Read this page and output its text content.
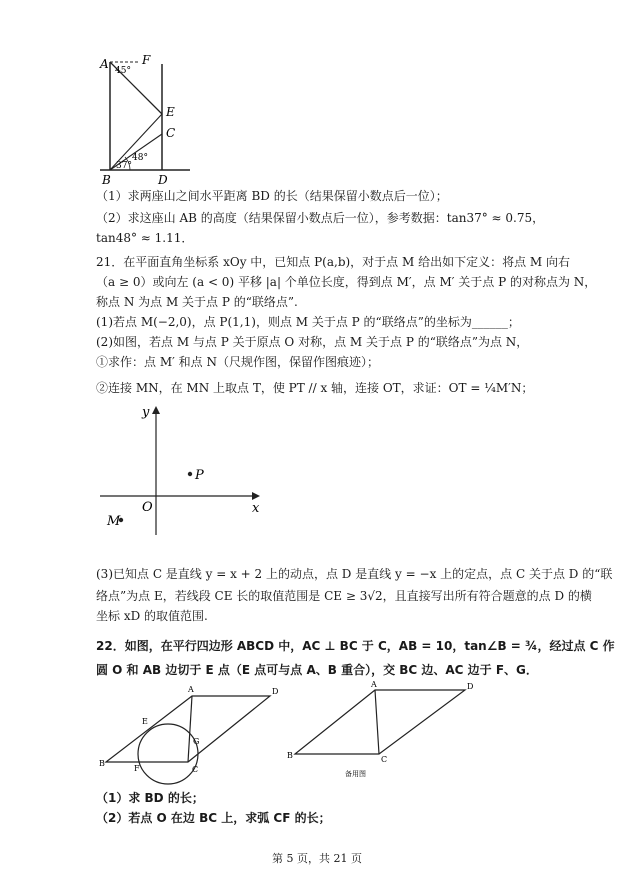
A	F
E
C
B	D
45°
37°
48°
（1）求两座山之间水平距离 BD 的长（结果保留小数点后一位）；
（2）求这座山 AB 的高度（结果保留小数点后一位），参考数据：tan37° ≈ 0.75，
tan48° ≈ 1.11．
21．在平面直角坐标系 xOy 中，已知点 P(a,b)，对于点 M 给出如下定义：将点 M 向右
（a ≥ 0）或向左 (a < 0) 平移 |a| 个单位长度，得到点 M′，点 M′ 关于点 P 的对称点为 N，
称点 N 为点 M 关于点 P 的“联络点”.
(1)若点 M(−2,0)，点 P(1,1)，则点 M 关于点 P 的“联络点”的坐标为______；
(2)如图，若点 M 与点 P 关于原点 O 对称，点 M 关于点 P 的“联络点”为点 N，
①求作：点 M′ 和点 N（尺规作图，保留作图痕迹）；
②连接 MN，在 MN 上取点 T，使 PT // x 轴，连接 OT，求证：OT = ¼M′N；
y
x
O
P
M
(3)已知点 C 是直线 y = x + 2 上的动点，点 D 是直线 y = −x 上的定点，点 C 关于点 D 的“联
络点”为点 E，若线段 CE 长的取值范围是 CE ≥ 3√2，且直接写出所有符合题意的点 D 的横
坐标 xD 的取值范围.
22．如图，在平行四边形 ABCD 中，AC ⊥ BC 于 C，AB = 10，tan∠B = ¾，经过点 C 作
圆 O 和 AB 边切于 E 点（E 点可与点 A、B 重合），交 BC 边、AC 边于 F、G．
A	D
E
G
B
F	C
A	D
B	C
备用图
（1）求 BD 的长；
（2）若点 O 在边 BC 上，求弧 CF 的长；
第 5 页，共 21 页
